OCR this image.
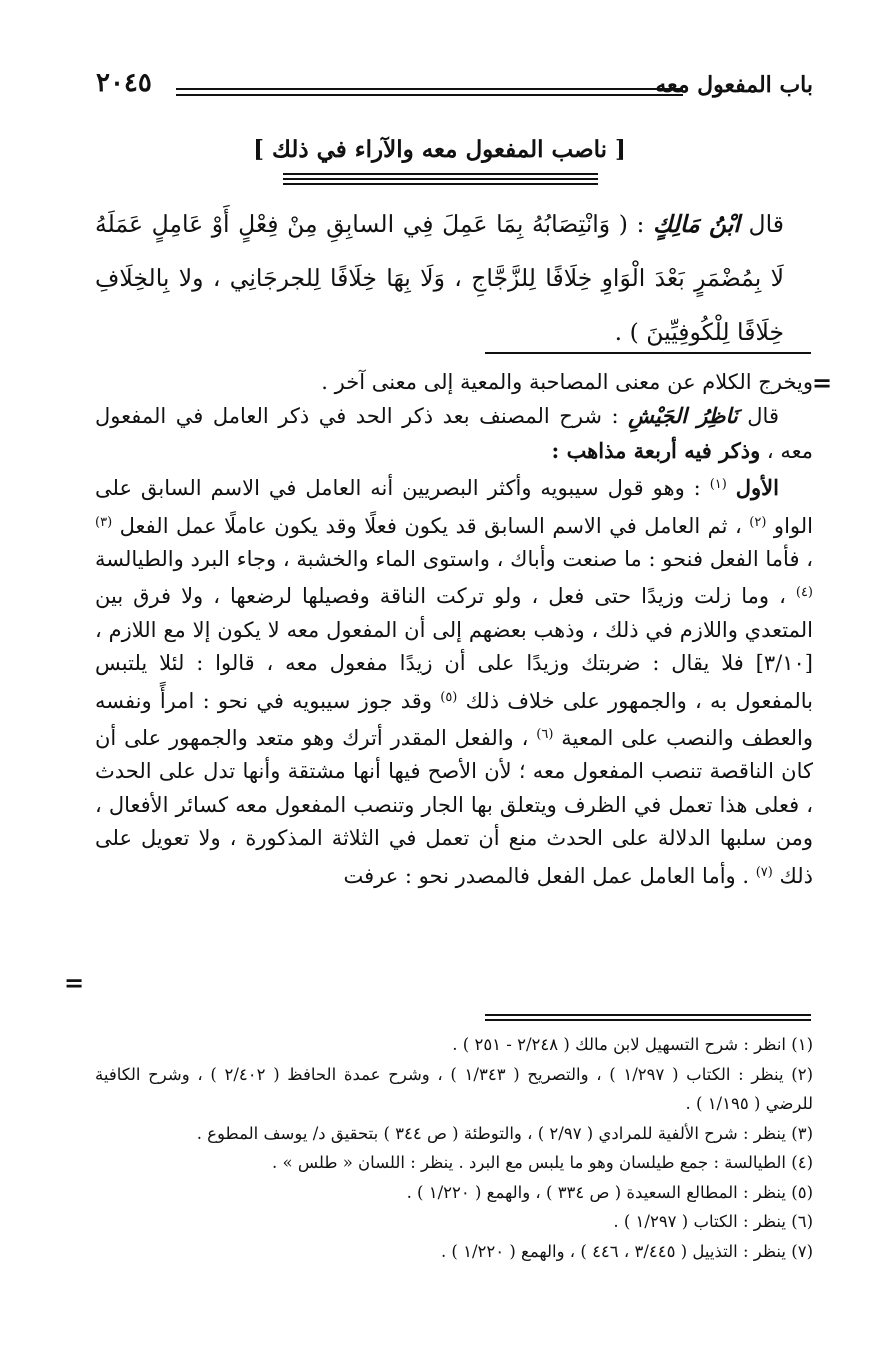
باب المفعول معه
٢٠٤٥
[ ناصب المفعول معه والآراء في ذلك ]
قال ابْنُ مَالِكٍ : ( وَانْتِصَابُهُ بِمَا عَمِلَ فِي السابِقِ مِنْ فِعْلٍ أَوْ عَامِلٍ عَمَلَهُ لَا بِمُضْمَرٍ بَعْدَ الْوَاوِ خِلَافًا لِلزَّجَّاجِ ، وَلَا بِهَا خِلَافًا لِلجرجَانِي ، ولا بِالخِلَافِ خِلَافًا لِلْكُوفِيِّينَ ) .

ويخرج الكلام عن معنى المصاحبة والمعية إلى معنى آخر .

قال نَاظِرُ الجَيْشِ : شرح المصنف بعد ذكر الحد في ذكر العامل في المفعول معه ، وذكر فيه أربعة مذاهب :

الأول $^{(١)}$ : وهو قول سيبويه وأكثر البصريين أنه العامل في الاسم السابق على الواو $^{(٢)}$ ، ثم العامل في الاسم السابق قد يكون فعلًا وقد يكون عاملًا عمل الفعل $^{(٣)}$ ، فأما الفعل فنحو : ما صنعت وأباك ، واستوى الماء والخشبة ، وجاء البرد والطيالسة $^{(٤)}$ ، وما زلت وزيدًا حتى فعل ، ولو تركت الناقة وفصيلها لرضعها ، ولا فرق بين المتعدي واللازم في ذلك ، وذهب بعضهم إلى أن المفعول معه لا يكون إلا مع اللازم ، [٣/١٠] فلا يقال : ضربتك وزيدًا على أن زيدًا مفعول معه ، قالوا : لئلا يلتبس بالمفعول به ، والجمهور على خلاف ذلك $^{(٥)}$ وقد جوز سيبويه في نحو : امرأً ونفسه والعطف والنصب على المعية $^{(٦)}$ ، والفعل المقدر أترك وهو متعد والجمهور على أن كان الناقصة تنصب المفعول معه ؛ لأن الأصح فيها أنها مشتقة وأنها تدل على الحدث ، فعلى هذا تعمل في الظرف ويتعلق بها الجار وتنصب المفعول معه كسائر الأفعال ، ومن سلبها الدلالة على الحدث منع أن تعمل في الثلاثة المذكورة ، ولا تعويل على ذلك $^{(٧)}$ . وأما العامل عمل الفعل فالمصدر نحو : عرفت

=
=

(١) انظر : شرح التسهيل لابن مالك ( ٢/٢٤٨ - ٢٥١ ) .

(٢) ينظر : الكتاب ( ١/٢٩٧ ) ، والتصريح ( ١/٣٤٣ ) ، وشرح عمدة الحافظ ( ٢/٤٠٢ ) ، وشرح الكافية للرضي ( ١/١٩٥ ) .

(٣) ينظر : شرح الألفية للمرادي ( ٢/٩٧ ) ، والتوطئة ( ص ٣٤٤ ) بتحقيق د/ يوسف المطوع .

(٤) الطيالسة : جمع طيلسان وهو ما يلبس مع البرد . ينظر : اللسان « طلس » .

(٥) ينظر : المطالع السعيدة ( ص ٣٣٤ ) ، والهمع ( ١/٢٢٠ ) .

(٦) ينظر : الكتاب ( ١/٢٩٧ ) .

(٧) ينظر : التذييل ( ٣/٤٤٥ ، ٤٤٦ ) ، والهمع ( ١/٢٢٠ ) .
